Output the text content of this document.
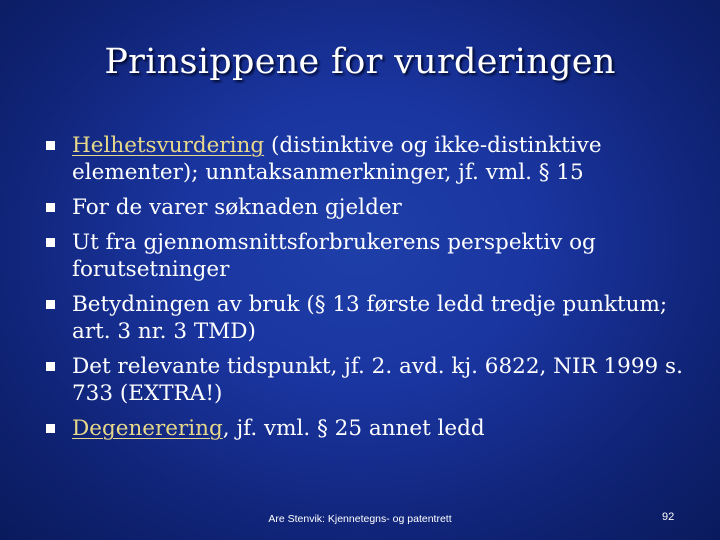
Prinsippene for vurderingen
Helhetsvurdering (distinktive og ikke-distinktive elementer); unntaksanmerkninger, jf. vml. § 15
For de varer søknaden gjelder
Ut fra gjennomsnittsforbrukerens perspektiv og forutsetninger
Betydningen av bruk (§ 13 første ledd tredje punktum; art. 3 nr. 3 TMD)
Det relevante tidspunkt, jf. 2. avd. kj. 6822, NIR 1999 s. 733 (EXTRA!)
Degenerering, jf. vml. § 25 annet ledd
Are Stenvik: Kjennetegns- og patentrett	92
